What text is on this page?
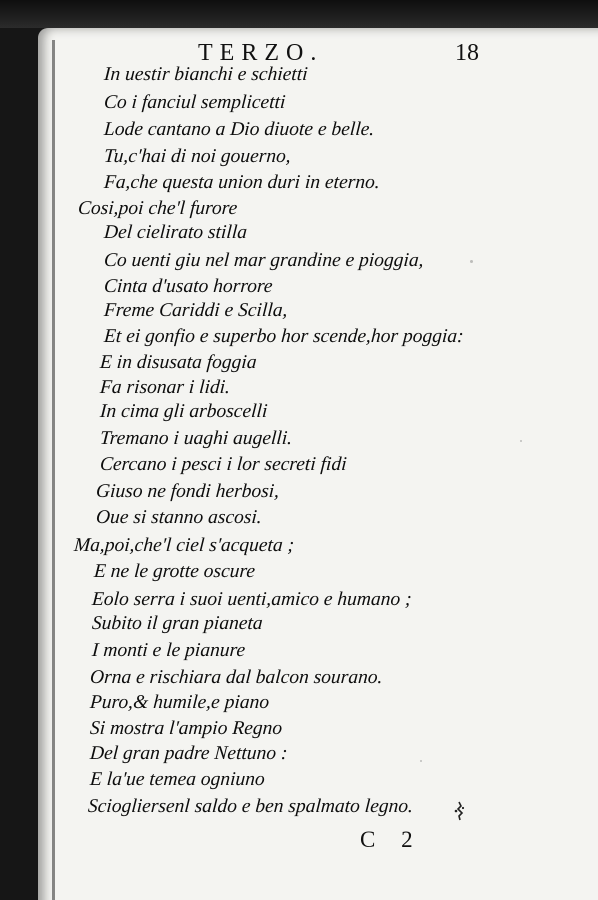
TERZO.	18
In uestir bianchi e schietti
Co i fanciul semplicetti
Lode cantano a Dio diuote e belle.
Tu,c'hai di noi gouerno,
Fa,che questa union duri in eterno.
Cosi,poi che'l furore
Del cielirato stilla
Co uenti giu nel mar grandine e pioggia,
Cinta d'usato horrore
Freme Cariddi e Scilla,
Et ei gonfio e superbo hor scende,hor poggia:
E in disusata foggia
Fa risonar i lidi.
In cima gli arboscelli
Tremano i uaghi augelli.
Cercano i pesci i lor secreti fidi
Giuso ne fondi herbosi,
Oue si stanno ascosi.
Ma,poi,che'l ciel s'acqueta ;
E ne le grotte oscure
Eolo serra i suoi uenti,amico e humano ;
Subito il gran pianeta
I monti e le pianure
Orna e rischiara dal balcon sourano.
Puro,& humile,e piano
Si mostra l'ampio Regno
Del gran padre Nettuno :
E la'ue temea ogniuno
Sciogliersenl saldo e ben spalmato legno.
C 2
